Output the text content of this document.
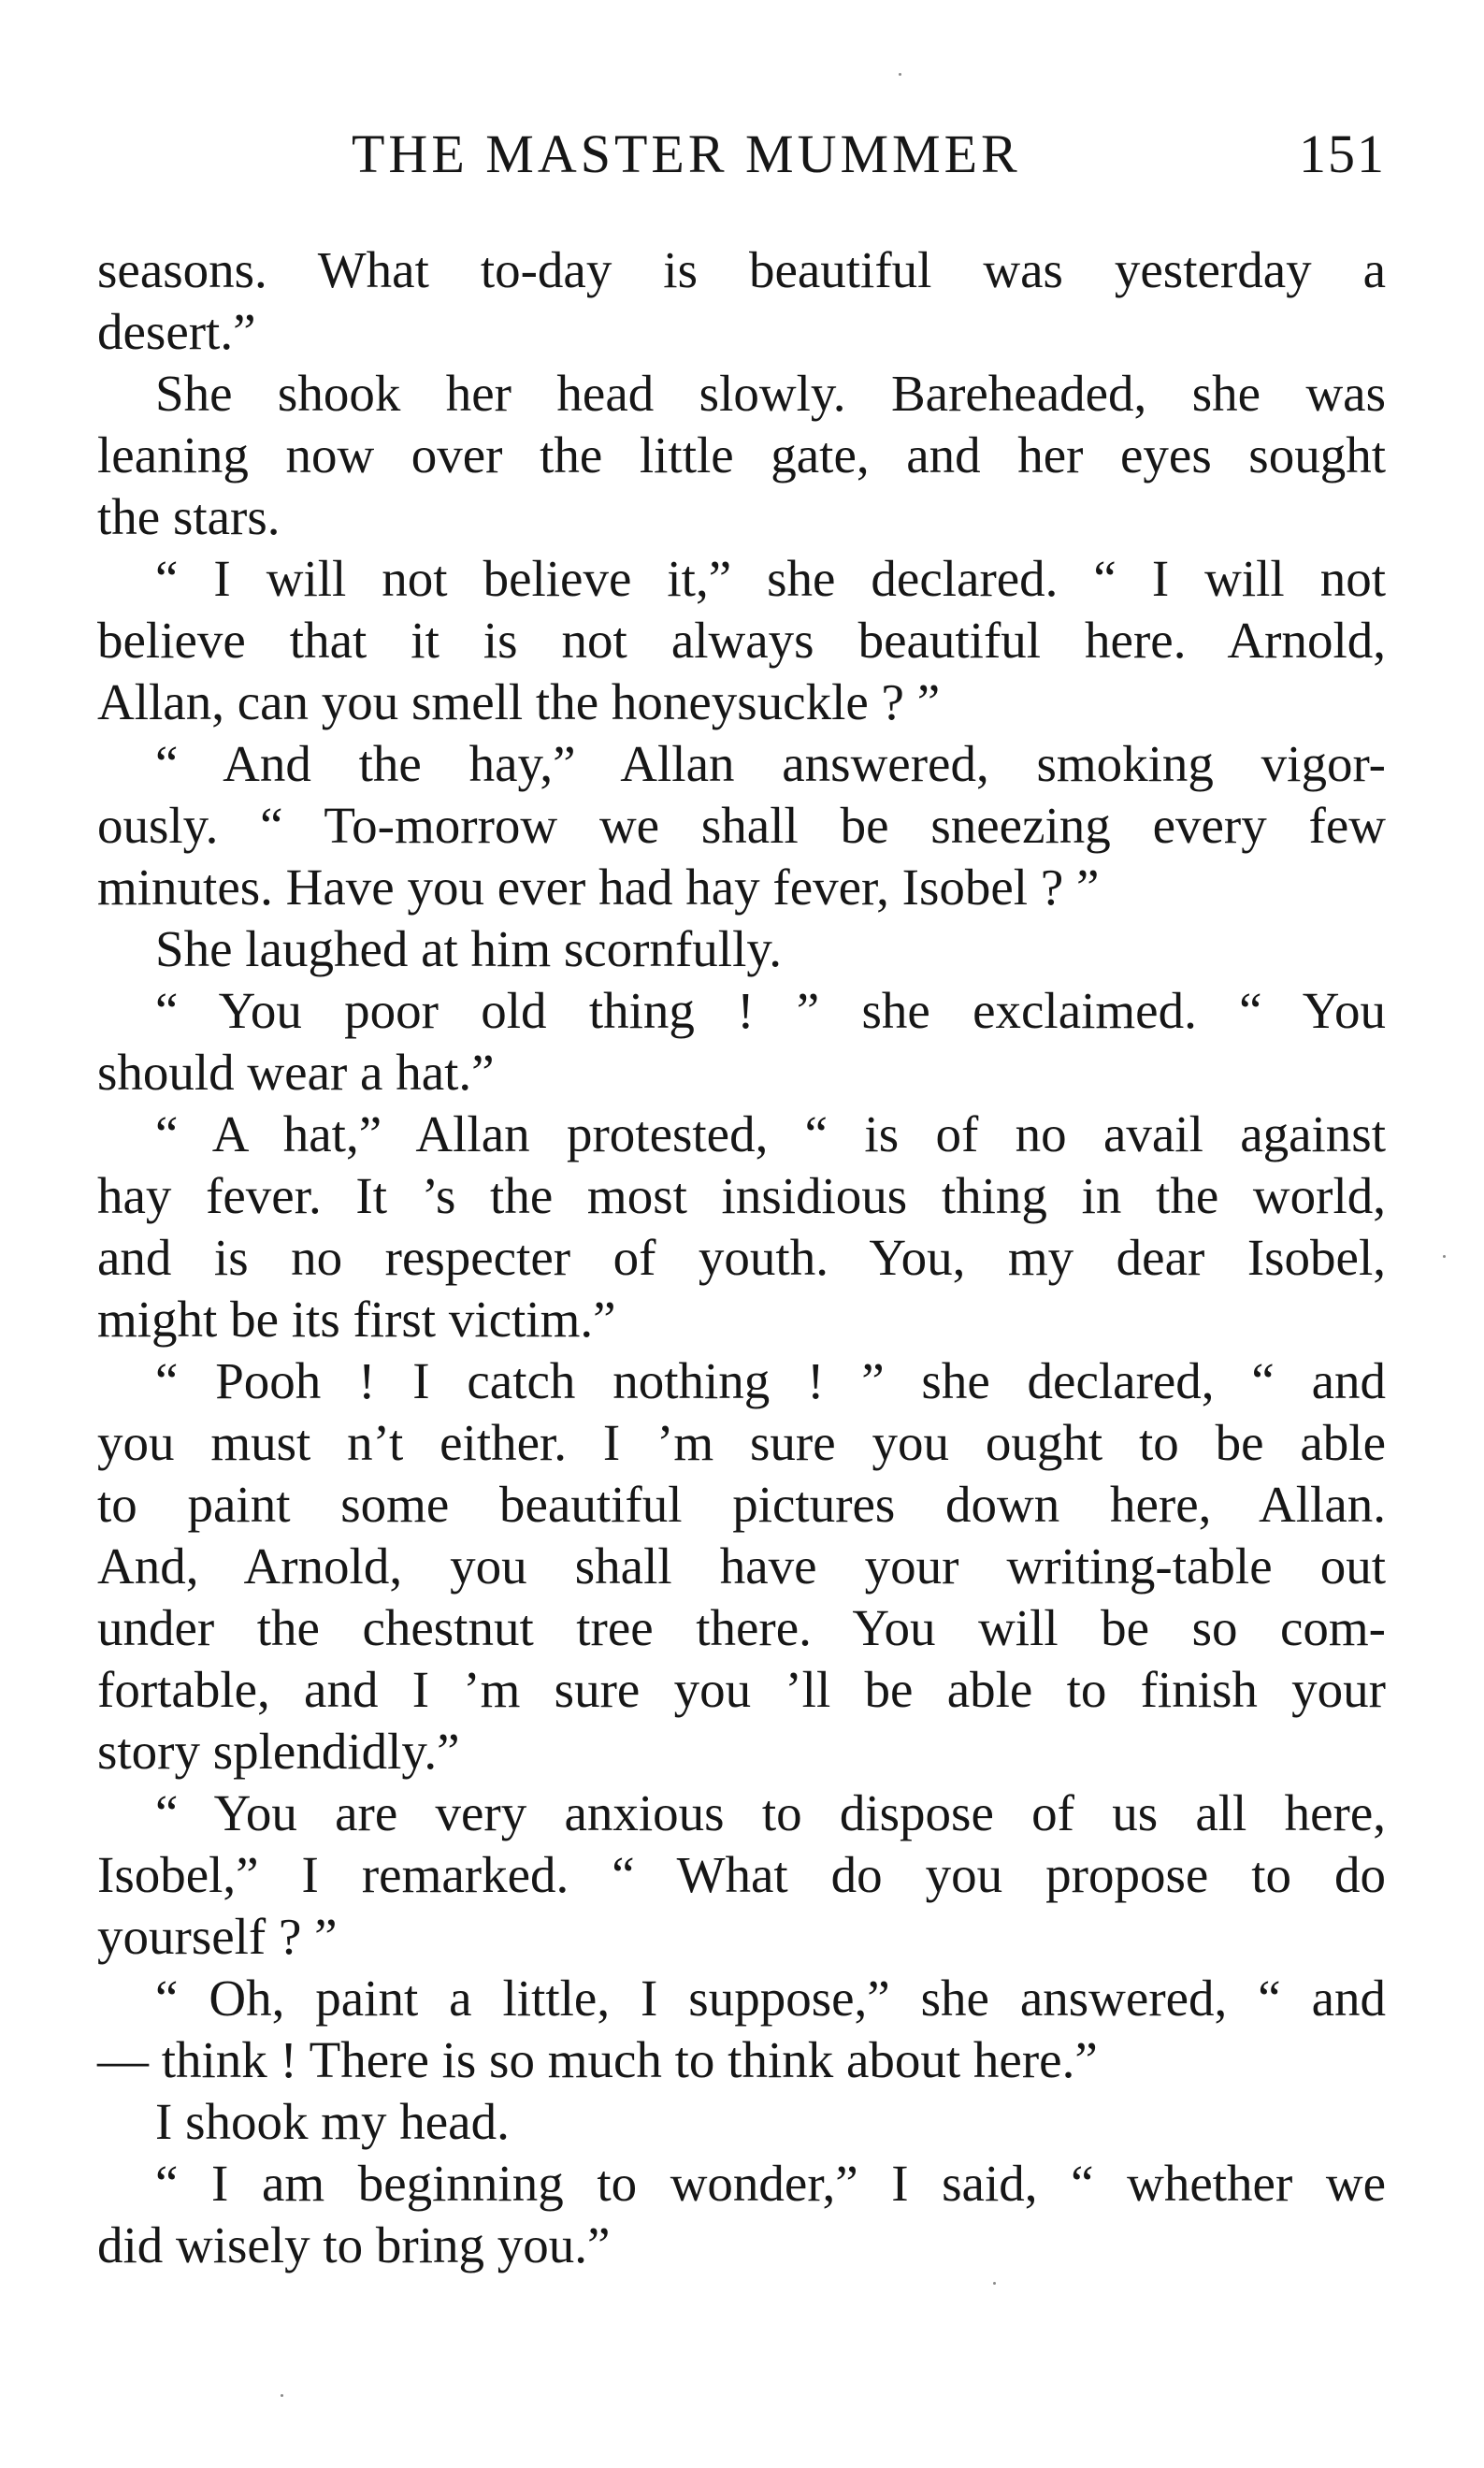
THE MASTER MUMMER	151
seasons. What to-day is beautiful was yesterday a
desert.”
She shook her head slowly. Bareheaded, she was
leaning now over the little gate, and her eyes sought
the stars.
“ I will not believe it,” she declared. “ I will not
believe that it is not always beautiful here. Arnold,
Allan, can you smell the honeysuckle ? ”
“ And the hay,” Allan answered, smoking vigor-
ously. “ To-morrow we shall be sneezing every few
minutes. Have you ever had hay fever, Isobel ? ”
She laughed at him scornfully.
“ You poor old thing ! ” she exclaimed. “ You
should wear a hat.”
“ A hat,” Allan protested, “ is of no avail against
hay fever. It ’s the most insidious thing in the world,
and is no respecter of youth. You, my dear Isobel,
might be its first victim.”
“ Pooh ! I catch nothing ! ” she declared, “ and
you must n’t either. I ’m sure you ought to be able
to paint some beautiful pictures down here, Allan.
And, Arnold, you shall have your writing-table out
under the chestnut tree there. You will be so com-
fortable, and I ’m sure you ’ll be able to finish your
story splendidly.”
“ You are very anxious to dispose of us all here,
Isobel,” I remarked. “ What do you propose to do
yourself ? ”
“ Oh, paint a little, I suppose,” she answered, “ and
— think ! There is so much to think about here.”
I shook my head.
“ I am beginning to wonder,” I said, “ whether we
did wisely to bring you.”
